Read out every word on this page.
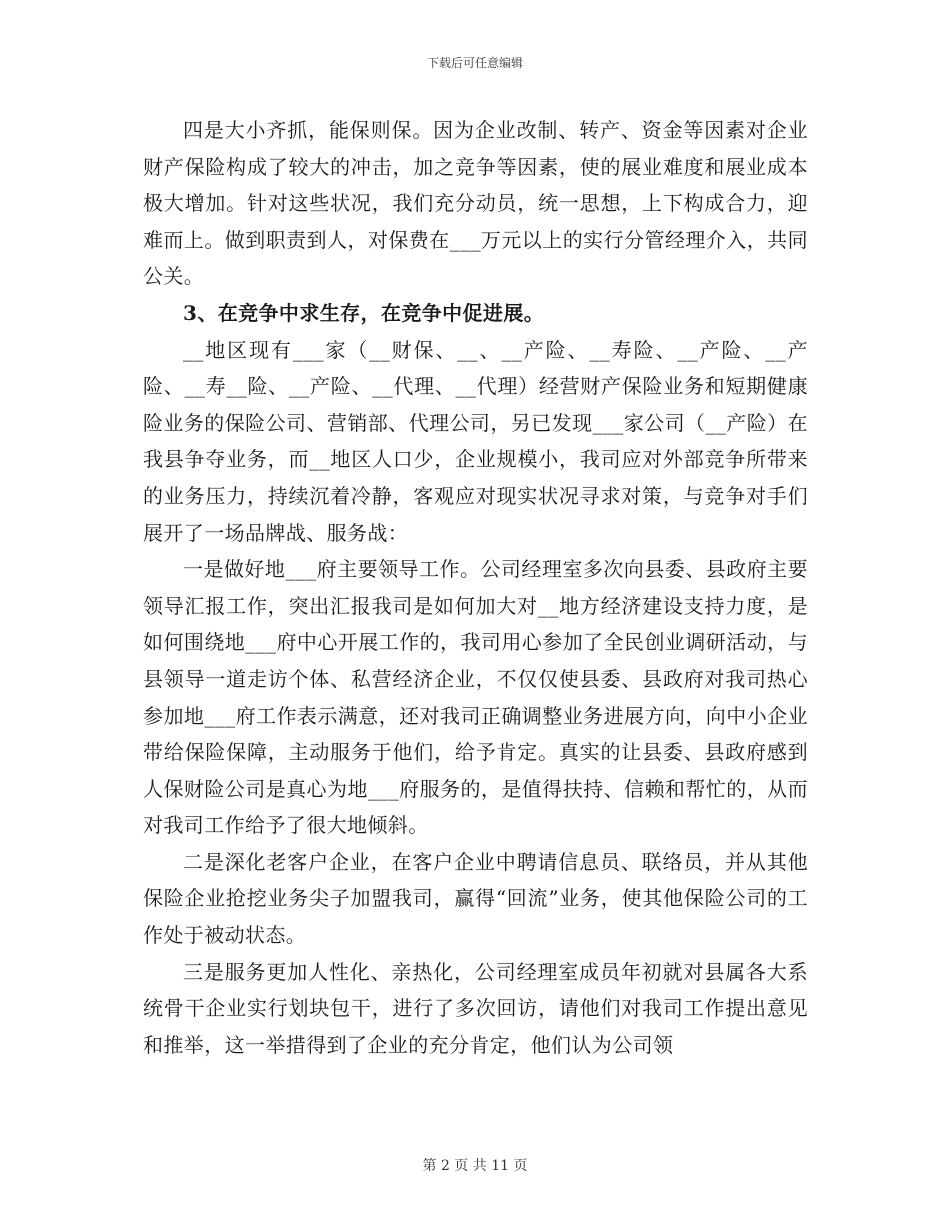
下载后可任意编辑

四是大小齐抓，能保则保。因为企业改制、转产、资金等因素对企业财产保险构成了较大的冲击，加之竞争等因素，使的展业难度和展业成本极大增加。针对这些状况，我们充分动员，统一思想，上下构成合力，迎难而上。做到职责到人，对保费在___万元以上的实行分管经理介入，共同公关。

3、在竞争中求生存，在竞争中促进展。

__地区现有___家（__财保、__、__产险、__寿险、__产险、__产险、__寿__险、__产险、__代理、__代理）经营财产保险业务和短期健康险业务的保险公司、营销部、代理公司，另已发现___家公司（__产险）在我县争夺业务，而__地区人口少，企业规模小，我司应对外部竞争所带来的业务压力，持续沉着冷静，客观应对现实状况寻求对策，与竞争对手们展开了一场品牌战、服务战：

一是做好地___府主要领导工作。公司经理室多次向县委、县政府主要领导汇报工作，突出汇报我司是如何加大对__地方经济建设支持力度，是如何围绕地___府中心开展工作的，我司用心参加了全民创业调研活动，与县领导一道走访个体、私营经济企业，不仅仅使县委、县政府对我司热心参加地___府工作表示满意，还对我司正确调整业务进展方向，向中小企业带给保险保障，主动服务于他们，给予肯定。真实的让县委、县政府感到人保财险公司是真心为地___府服务的，是值得扶持、信赖和帮忙的，从而对我司工作给予了很大地倾斜。

二是深化老客户企业，在客户企业中聘请信息员、联络员，并从其他保险企业抢挖业务尖子加盟我司，赢得“回流”业务，使其他保险公司的工作处于被动状态。

三是服务更加人性化、亲热化，公司经理室成员年初就对县属各大系统骨干企业实行划块包干，进行了多次回访，请他们对我司工作提出意见和推举，这一举措得到了企业的充分肯定，他们认为公司领

第 2 页 共 11 页
